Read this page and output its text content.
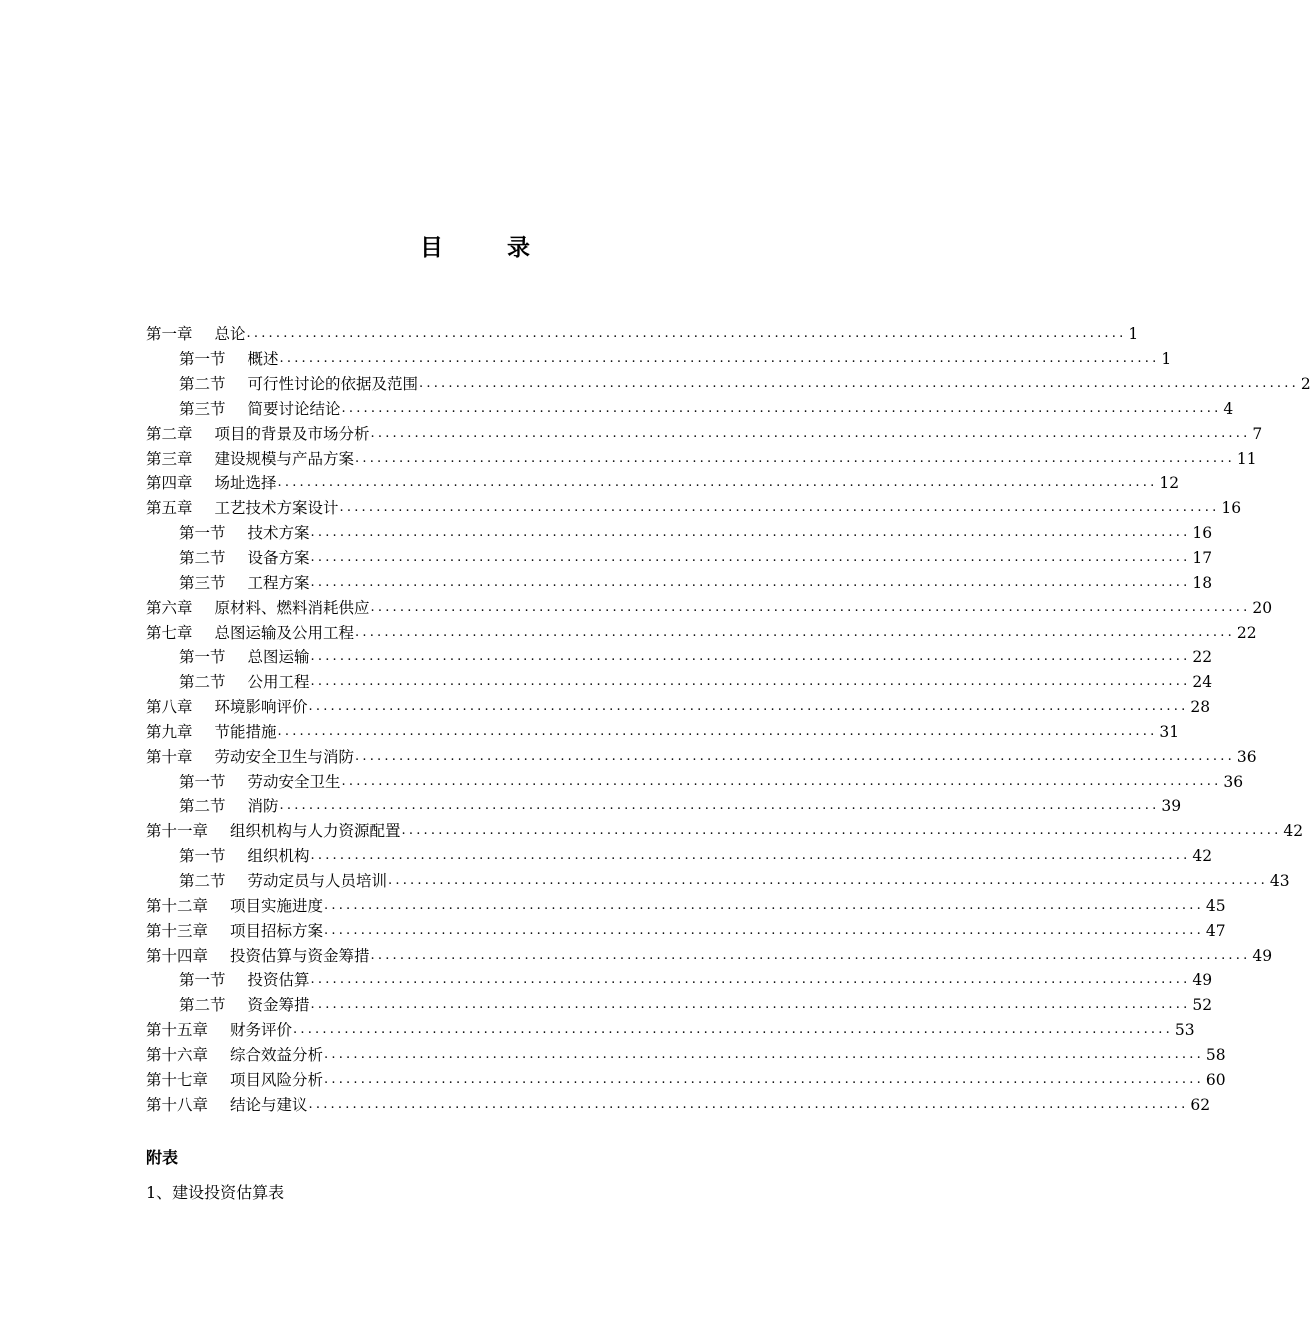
目 录
第一章 总论 ........................................................................................................................ 1
第一节 概述 ........................................................................................................................ 1
第二节 可行性讨论的依据及范围 ........................................................................................................................ 2
第三节 简要讨论结论 ........................................................................................................................ 4
第二章 项目的背景及市场分析 ........................................................................................................................ 7
第三章 建设规模与产品方案 ........................................................................................................................ 11
第四章 场址选择 ........................................................................................................................ 12
第五章 工艺技术方案设计 ........................................................................................................................ 16
第一节 技术方案 ........................................................................................................................ 16
第二节 设备方案 ........................................................................................................................ 17
第三节 工程方案 ........................................................................................................................ 18
第六章 原材料、燃料消耗供应 ........................................................................................................................ 20
第七章 总图运输及公用工程 ........................................................................................................................ 22
第一节 总图运输 ........................................................................................................................ 22
第二节 公用工程 ........................................................................................................................ 24
第八章 环境影响评价 ........................................................................................................................ 28
第九章 节能措施 ........................................................................................................................ 31
第十章 劳动安全卫生与消防 ........................................................................................................................ 36
第一节 劳动安全卫生 ........................................................................................................................ 36
第二节 消防 ........................................................................................................................ 39
第十一章 组织机构与人力资源配置 ........................................................................................................................ 42
第一节 组织机构 ........................................................................................................................ 42
第二节 劳动定员与人员培训 ........................................................................................................................ 43
第十二章 项目实施进度 ........................................................................................................................ 45
第十三章 项目招标方案 ........................................................................................................................ 47
第十四章 投资估算与资金筹措 ........................................................................................................................ 49
第一节 投资估算 ........................................................................................................................ 49
第二节 资金筹措 ........................................................................................................................ 52
第十五章 财务评价 ........................................................................................................................ 53
第十六章 综合效益分析 ........................................................................................................................ 58
第十七章 项目风险分析 ........................................................................................................................ 60
第十八章 结论与建议 ........................................................................................................................ 62
附表
1、建设投资估算表
